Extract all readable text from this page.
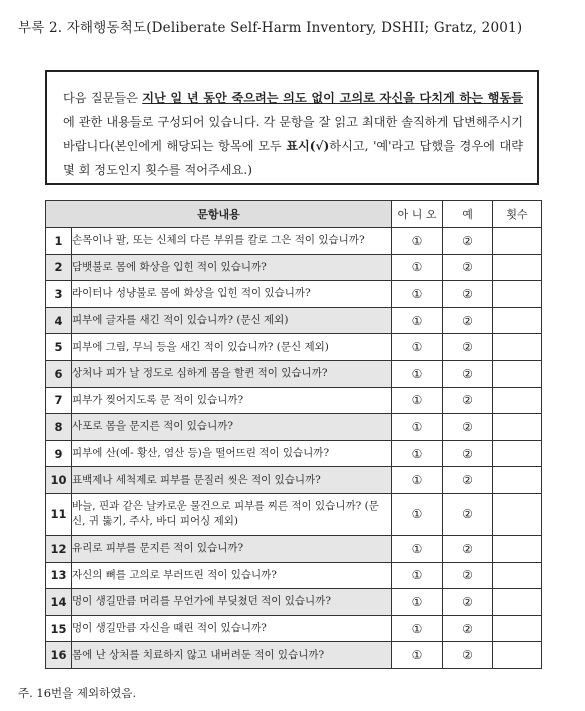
부록 2. 자해행동척도(Deliberate Self-Harm Inventory, DSHII; Gratz, 2001)
다음 질문들은 지난 일 년 동안 죽으려는 의도 없이 고의로 자신을 다치게 하는 행동들에 관한 내용들로 구성되어 있습니다. 각 문항을 잘 읽고 최대한 솔직하게 답변해주시기 바랍니다(본인에게 해당되는 항목에 모두 표시(√)하시고, '예'라고 답했을 경우에 대략 몇 회 정도인지 횟수를 적어주세요.)
문항내용		아 니 오	예	횟수
1	손목이나 팔, 또는 신체의 다른 부위를 칼로 그은 적이 있습니까?	①	②	
2	담뱃불로 몸에 화상을 입힌 적이 있습니까?	①	②	
3	라이터나 성냥불로 몸에 화상을 입힌 적이 있습니까?	①	②	
4	피부에 글자를 새긴 적이 있습니까? (문신 제외)	①	②	
5	피부에 그림, 무늬 등을 새긴 적이 있습니까? (문신 제외)	①	②	
6	상처나 피가 날 정도로 심하게 몸을 할퀸 적이 있습니까?	①	②	
7	피부가 찢어지도록 문 적이 있습니까?	①	②	
8	사포로 몸을 문지른 적이 있습니까?	①	②	
9	피부에 산(예- 황산, 염산 등)을 떨어뜨린 적이 있습니까?	①	②	
10	표백제나 세척제로 피부를 문질러 씻은 적이 있습니까?	①	②	
11	바늘, 핀과 같은 날카로운 물건으로 피부를 찌른 적이 있습니까? (문신, 귀 뚫기, 주사, 바디 피어싱 제외)	①	②	
12	유리로 피부를 문지른 적이 있습니까?	①	②	
13	자신의 뼈를 고의로 부러뜨린 적이 있습니까?	①	②	
14	멍이 생길만큼 머리를 무언가에 부딪쳤던 적이 있습니까?	①	②	
15	멍이 생길만큼 자신을 때린 적이 있습니까?	①	②	
16	몸에 난 상처를 치료하지 않고 내버려둔 적이 있습니까?	①	②	
주. 16번을 제외하였음.
